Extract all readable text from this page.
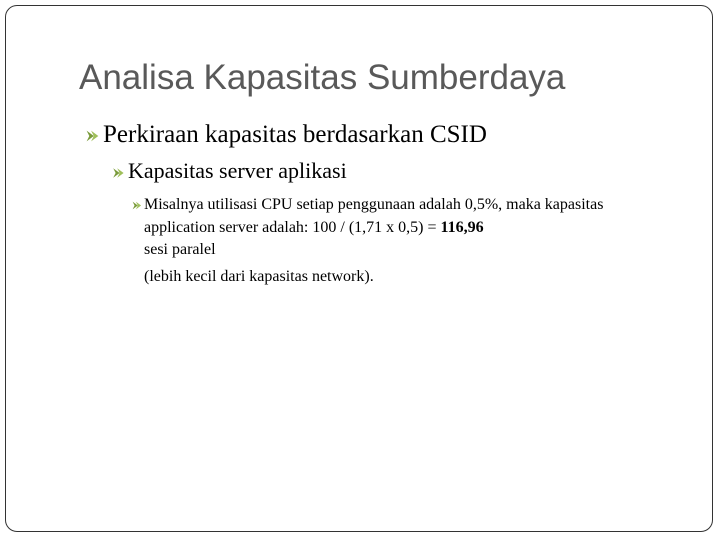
Analisa Kapasitas Sumberdaya
Perkiraan kapasitas berdasarkan CSID
Kapasitas server aplikasi
Misalnya utilisasi CPU setiap penggunaan adalah 0,5%, maka kapasitas application server adalah: 100 / (1,71 x 0,5) = 116,96
sesi paralel
(lebih kecil dari kapasitas network).
